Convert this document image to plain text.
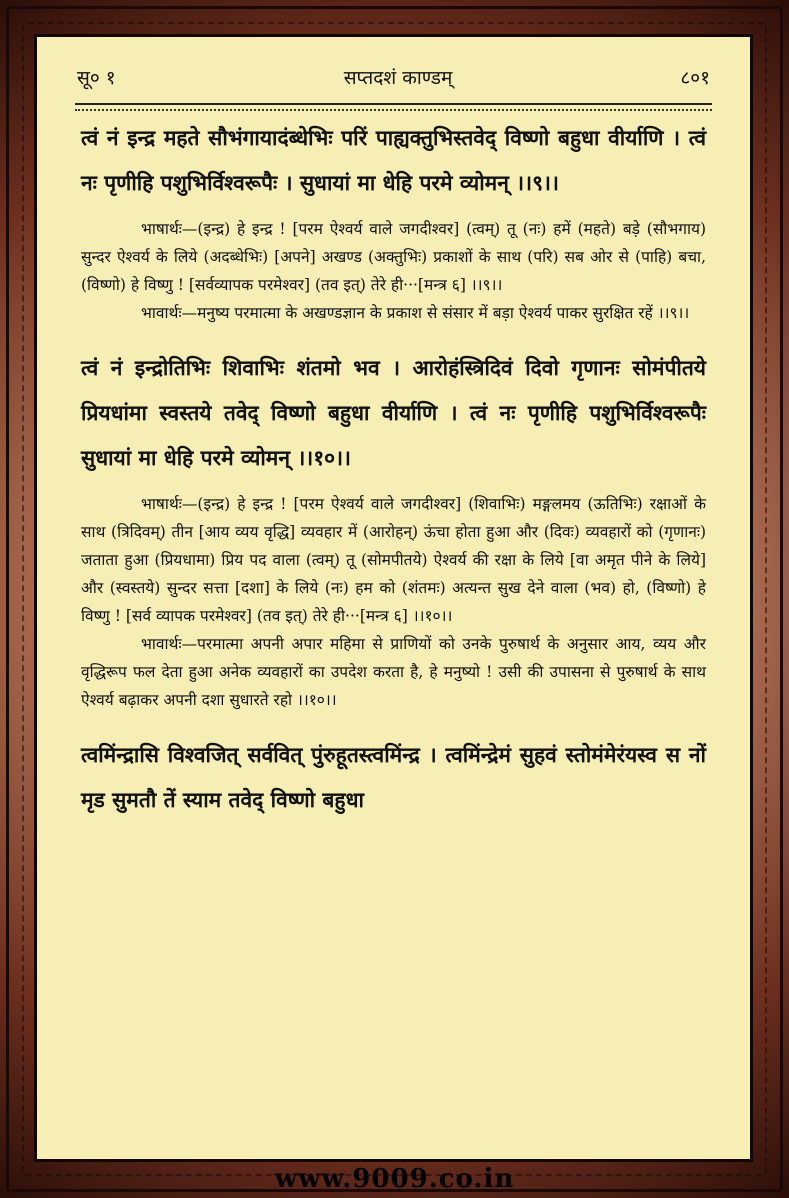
सू० १	सप्तदशं काण्डम्	८०१

त्वं नं इन्द्र महते सौभंगायादंब्धेभिः परिं पाह्यक्तुभिस्तवेद् विष्णो बहुधा वीर्याणि । त्वं नः पृणीहि पशुभिर्विश्वरूपैः । सुधायां मा धेहि परमे व्योमन् ।।९।।

भाषार्थः—(इन्द्र) हे इन्द्र ! [परम ऐश्वर्य वाले जगदीश्वर] (त्वम्) तू (नः) हमें (महते) बड़े (सौभगाय) सुन्दर ऐश्वर्य के लिये (अदब्धेभिः) [अपने] अखण्ड (अक्तुभिः) प्रकाशों के साथ (परि) सब ओर से (पाहि) बचा, (विष्णो) हे विष्णु ! [सर्वव्यापक परमेश्वर] (तव इत्) तेरे ही···[मन्त्र ६] ।।९।।

भावार्थः—मनुष्य परमात्मा के अखण्डज्ञान के प्रकाश से संसार में बड़ा ऐश्वर्य पाकर सुरक्षित रहें ।।९।।

त्वं नं इन्द्रोतिभिः शिवाभिः शंतमो भव । आरोहंस्त्रिदिवं दिवो गृणानः सोमंपीतये प्रियधांमा स्वस्तये तवेद् विष्णो बहुधा वीर्याणि । त्वं नः पृणीहि पशुभिर्विश्वरूपैः सुधायां मा धेहि परमे व्योमन् ।।१०।।

भाषार्थः—(इन्द्र) हे इन्द्र ! [परम ऐश्वर्य वाले जगदीश्वर] (शिवाभिः) मङ्गलमय (ऊतिभिः) रक्षाओं के साथ (त्रिदिवम्) तीन [आय व्यय वृद्धि] व्यवहार में (आरोहन्) ऊंचा होता हुआ और (दिवः) व्यवहारों को (गृणानः) जताता हुआ (प्रियधामा) प्रिय पद वाला (त्वम्) तू (सोमपीतये) ऐश्वर्य की रक्षा के लिये [वा अमृत पीने के लिये] और (स्वस्तये) सुन्दर सत्ता [दशा] के लिये (नः) हम को (शंतमः) अत्यन्त सुख देने वाला (भव) हो, (विष्णो) हे विष्णु ! [सर्व व्यापक परमेश्वर] (तव इत्) तेरे ही···[मन्त्र ६] ।।१०।।

भावार्थः—परमात्मा अपनी अपार महिमा से प्राणियों को उनके पुरुषार्थ के अनुसार आय, व्यय और वृद्धिरूप फल देता हुआ अनेक व्यवहारों का उपदेश करता है, हे मनुष्यो ! उसी की उपासना से पुरुषार्थ के साथ ऐश्वर्य बढ़ाकर अपनी दशा सुधारते रहो ।।१०।।

त्वमिंन्द्रासि विश्वजित् सर्ववित् पुंरुहूतस्त्वमिंन्द्र । त्वमिंन्द्रेमं सुहवं स्तोमंमेरंयस्व स नों मृड सुमतौ तें स्याम तवेद् विष्णो बहुधा

www.9009.co.in
